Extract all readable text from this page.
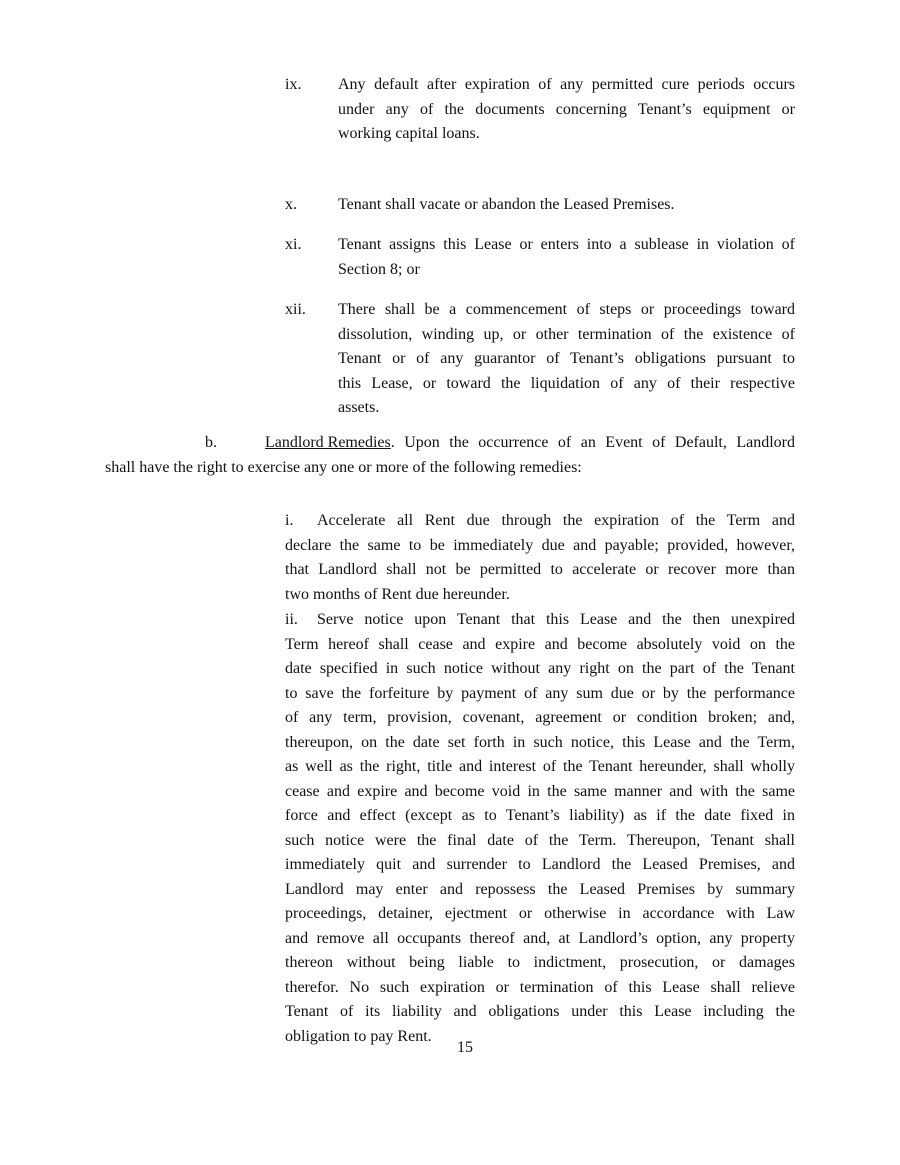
ix. Any default after expiration of any permitted cure periods occurs
under any of the documents concerning Tenant’s equipment or
working capital loans.
x.	Tenant shall vacate or abandon the Leased Premises.
xi. Tenant assigns this Lease or enters into a sublease in violation of
Section 8; or
xii. There shall be a commencement of steps or proceedings toward
dissolution, winding up, or other termination of the existence of
Tenant or of any guarantor of Tenant’s obligations pursuant to
this Lease, or toward the liquidation of any of their respective
assets.
b.	Landlord Remedies . Upon the occurrence of an Event of Default, Landlord
shall have the right to exercise any one or more of the following remedies:
i.	Accelerate all Rent due through the expiration of the Term and
declare the same to be immediately due and payable; provided, however,
that Landlord shall not be permitted to accelerate or recover more than
two months of Rent due hereunder.
ii.	Serve notice upon Tenant that this Lease and the then unexpired
Term hereof shall cease and expire and become absolutely void on the
date specified in such notice without any right on the part of the Tenant
to save the forfeiture by payment of any sum due or by the performance
of any term, provision, covenant, agreement or condition broken; and,
thereupon, on the date set forth in such notice, this Lease and the Term,
as well as the right, title and interest of the Tenant hereunder, shall wholly
cease and expire and become void in the same manner and with the same
force and effect (except as to Tenant’s liability) as if the date fixed in
such notice were the final date of the Term. Thereupon, Tenant shall
immediately quit and surrender to Landlord the Leased Premises, and
Landlord may enter and repossess the Leased Premises by summary
proceedings, detainer, ejectment or otherwise in accordance with Law
and remove all occupants thereof and, at Landlord’s option, any property
thereon without being liable to indictment, prosecution, or damages
therefor. No such expiration or termination of this Lease shall relieve
Tenant of its liability and obligations under this Lease including the
obligation to pay Rent.
15
